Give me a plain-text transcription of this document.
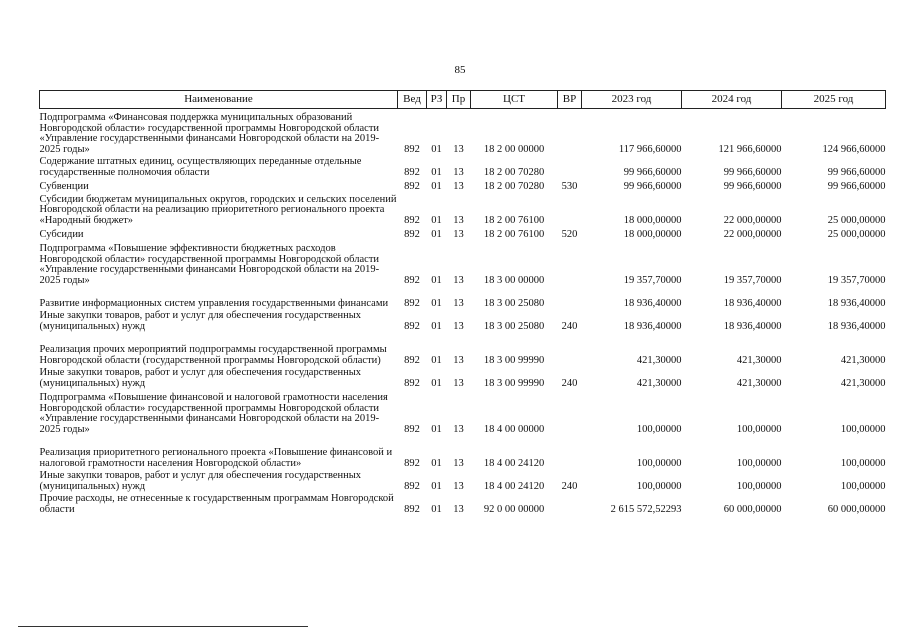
85
Наименование	Вед	РЗ	Пр	ЦСТ	ВР	2023 год	2024 год	2025 год
Подпрограмма «Финансовая поддержка муниципальных образований Новгородской области» государственной программы Новгородской области «Управление государственными финансами Новгородской области на 2019-2025 годы»	892	01	13	18 2 00 00000		117 966,60000	121 966,60000	124 966,60000
Содержание штатных единиц, осуществляющих переданные отдельные государственные полномочия области	892	01	13	18 2 00 70280		99 966,60000	99 966,60000	99 966,60000
Субвенции	892	01	13	18 2 00 70280	530	99 966,60000	99 966,60000	99 966,60000
Субсидии бюджетам муниципальных округов, городских и сельских поселений Новгородской области на реализацию приоритетного регионального проекта «Народный бюджет»	892	01	13	18 2 00 76100		18 000,00000	22 000,00000	25 000,00000
Субсидии	892	01	13	18 2 00 76100	520	18 000,00000	22 000,00000	25 000,00000
Подпрограмма «Повышение эффективности бюджетных расходов Новгородской области» государственной программы Новгородской области «Управление государственными финансами Новгородской области на 2019-2025 годы»	892	01	13	18 3 00 00000		19 357,70000	19 357,70000	19 357,70000
Развитие информационных систем управления государственными финансами	892	01	13	18 3 00 25080		18 936,40000	18 936,40000	18 936,40000
Иные закупки товаров, работ и услуг для обеспечения государственных (муниципальных) нужд	892	01	13	18 3 00 25080	240	18 936,40000	18 936,40000	18 936,40000
Реализация прочих мероприятий подпрограммы государственной программы Новгородской области (государственной программы Новгородской области)	892	01	13	18 3 00 99990		421,30000	421,30000	421,30000
Иные закупки товаров, работ и услуг для обеспечения государственных (муниципальных) нужд	892	01	13	18 3 00 99990	240	421,30000	421,30000	421,30000
Подпрограмма «Повышение финансовой и налоговой грамотности населения Новгородской области» государственной программы Новгородской области «Управление государственными финансами Новгородской области на 2019-2025 годы»	892	01	13	18 4 00 00000		100,00000	100,00000	100,00000
Реализация приоритетного регионального проекта «Повышение финансовой и налоговой грамотности населения Новгородской области»	892	01	13	18 4 00 24120		100,00000	100,00000	100,00000
Иные закупки товаров, работ и услуг для обеспечения государственных (муниципальных) нужд	892	01	13	18 4 00 24120	240	100,00000	100,00000	100,00000
Прочие расходы, не отнесенные к государственным программам Новгородской области	892	01	13	92 0 00 00000		2 615 572,52293	60 000,00000	60 000,00000
